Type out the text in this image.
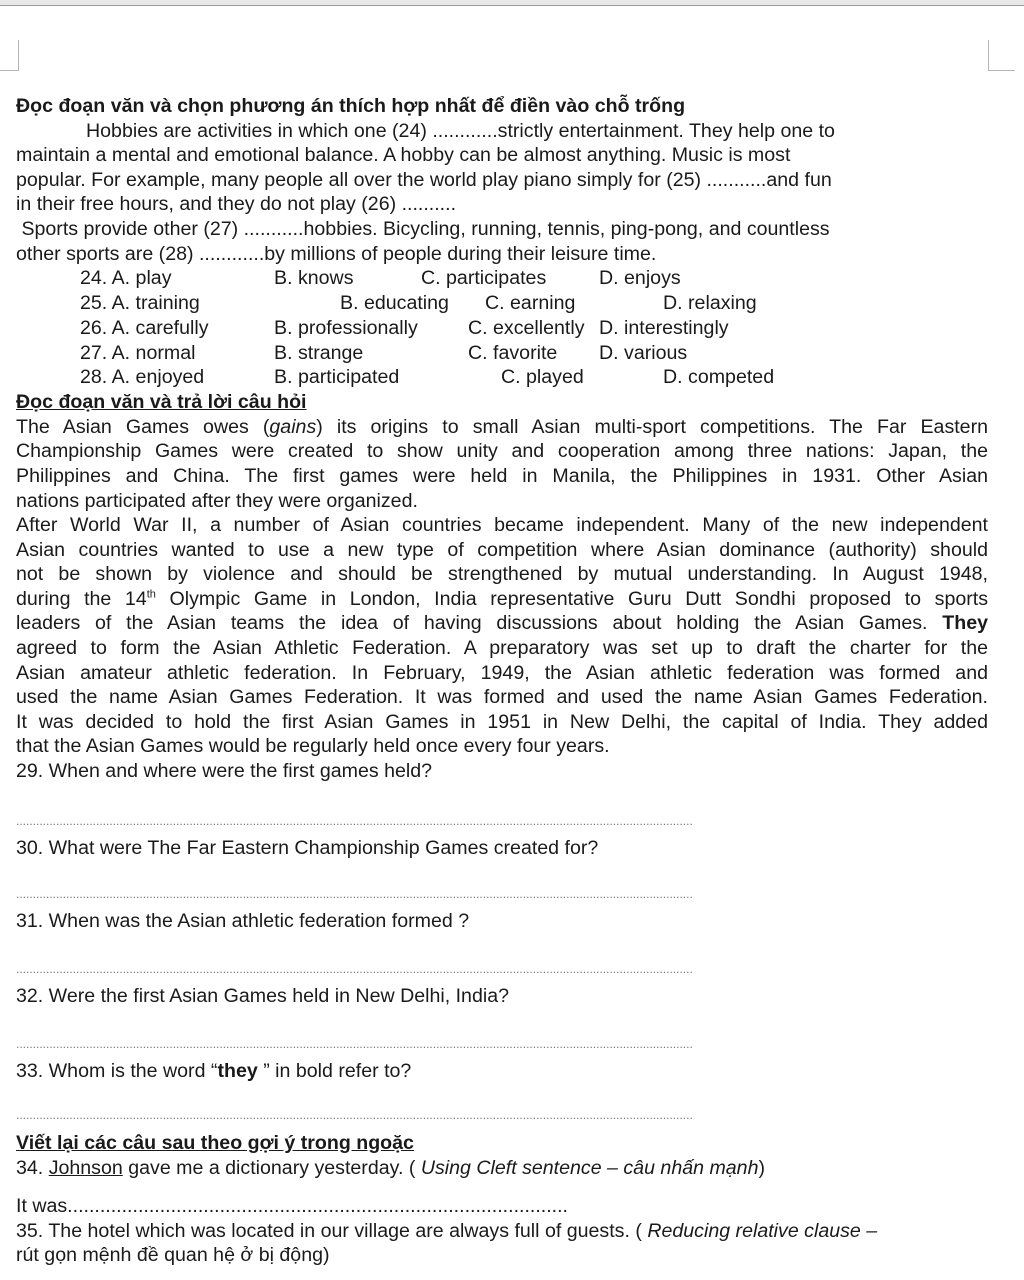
Đọc đoạn văn và chọn phương án thích hợp nhất để điền vào chỗ trống
Hobbies are activities in which one (24) ............strictly entertainment. They help one to
maintain a mental and emotional balance. A hobby can be almost anything. Music is most
popular. For example, many people all over the world play piano simply for (25) ...........and fun
in their free hours, and they do not play (26) ..........
Sports provide other (27) ...........hobbies. Bicycling, running, tennis, ping-pong, and countless
other sports are (28) ............by millions of people during their leisure time.
24. A. play	B. knows	C. participates	D. enjoys
25. A. training	B. educating C. earning	D. relaxing
26. A. carefully	B. professionally	C. excellently D. interestingly
27. A. normal	B. strange	C. favorite D. various
28. A. enjoyed	B. participated	C. played	D. competed
Đọc đoạn văn và trả lời câu hỏi
The Asian Games owes (gains) its origins to small Asian multi-sport competitions. The Far Eastern
Championship Games were created to show unity and cooperation among three nations: Japan, the
Philippines and China. The first games were held in Manila, the Philippines in 1931. Other Asian
nations participated after they were organized.
After World War II, a number of Asian countries became independent. Many of the new independent
Asian countries wanted to use a new type of competition where Asian dominance (authority) should
not be shown by violence and should be strengthened by mutual understanding. In August 1948,
during the 14th Olympic Game in London, India representative Guru Dutt Sondhi proposed to sports
leaders of the Asian teams the idea of having discussions about holding the Asian Games. They
agreed to form the Asian Athletic Federation. A preparatory was set up to draft the charter for the
Asian amateur athletic federation. In February, 1949, the Asian athletic federation was formed and
used the name Asian Games Federation. It was formed and used the name Asian Games Federation.
It was decided to hold the first Asian Games in 1951 in New Delhi, the capital of India. They added
that the Asian Games would be regularly held once every four years.
29. When and where were the first games held?
...........................................................................................................................................................................................................
30. What were The Far Eastern Championship Games created for?
...........................................................................................................................................................................................................
31. When was the Asian athletic federation formed ?
...........................................................................................................................................................................................................
32. Were the first Asian Games held in New Delhi, India?
...........................................................................................................................................................................................................
33. Whom is the word “they ” in bold refer to?
...........................................................................................................................................................................................................
Viết lại các câu sau theo gợi ý trong ngoặc
34. Johnson gave me a dictionary yesterday. ( Using Cleft sentence – câu nhấn mạnh)
It was............................................................................................
35. The hotel which was located in our village are always full of guests. ( Reducing relative clause –
rút gọn mệnh đề quan hệ ở bị động)
